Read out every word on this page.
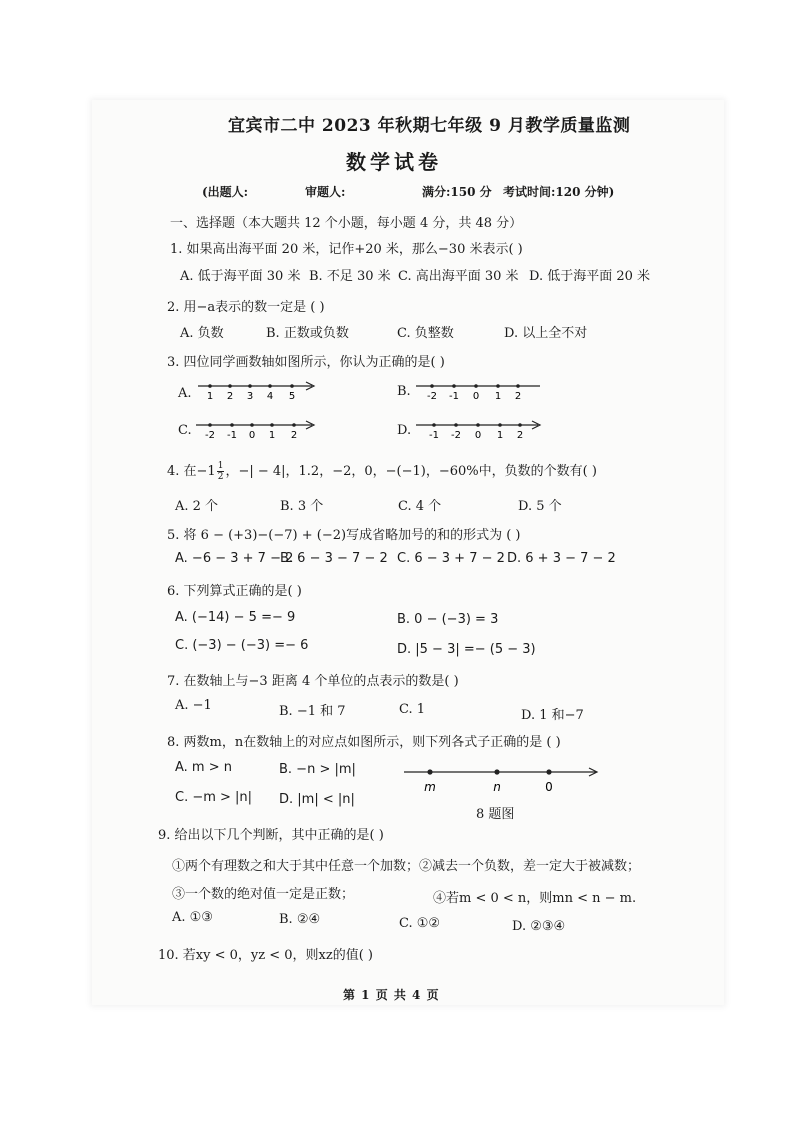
宜宾市二中 2023 年秋期七年级 9 月教学质量监测
数学试卷
(出题人:	审题人:	满分:150 分 考试时间:120 分钟)
一、选择题（本大题共 12 个小题，每小题 4 分，共 48 分）
1. 如果高出海平面 20 米，记作+20 米，那么−30 米表示( )
A. 低于海平面 30 米 B. 不足 30 米 C. 高出海平面 30 米 D. 低于海平面 20 米
2. 用−a表示的数一定是 ( )
A. 负数	B. 正数或负数	C. 负整数	D. 以上全不对
3. 四位同学画数轴如图所示，你认为正确的是( )
A. 1 2 3 4 5	B. -2 -1 0 1 2
C. -2 -1 0 1 2	D. -1 -2 0 1 2
4. 在$-1 \frac{1}{2}$ ，−| − 4|，1.2，−2，0，−(−1)，−60%中，负数的个数有( )
A. 2 个	B. 3 个	C. 4 个	D. 5 个
5. 将 6 − (+3)−(−7) + (−2)写成省略加号的和的形式为 ( )
A. −6 − 3 + 7 − 2
B. 6 − 3 − 7 − 2 C. 6 − 3 + 7 − 2 D. 6 + 3 − 7 − 2
6. 下列算式正确的是( )
A. (−14) − 5 =− 9	B. 0 − (−3) = 3
C. (−3) − (−3) =− 6	D. |5 − 3| =− (5 − 3)
7. 在数轴上与−3 距离 4 个单位的点表示的数是( )
A. −1	B. −1 和 7	C. 1	D. 1 和−7
8. 两数m，n在数轴上的对应点如图所示，则下列各式子正确的是 ( )
A. m > n	B. −n > |m|
C. −m > |n| D. |m| < |n|
m	n	0
8 题图
9. 给出以下几个判断，其中正确的是( )
①两个有理数之和大于其中任意一个加数；②减去一个负数，差一定大于被减数；
③一个数的绝对值一定是正数；	④若m < 0 < n，则mn < n − m.
A. ①③	B. ②④	C. ①②	D. ②③④
10. 若xy < 0，yz < 0，则xz的值( )
第 1 页 共 4 页
